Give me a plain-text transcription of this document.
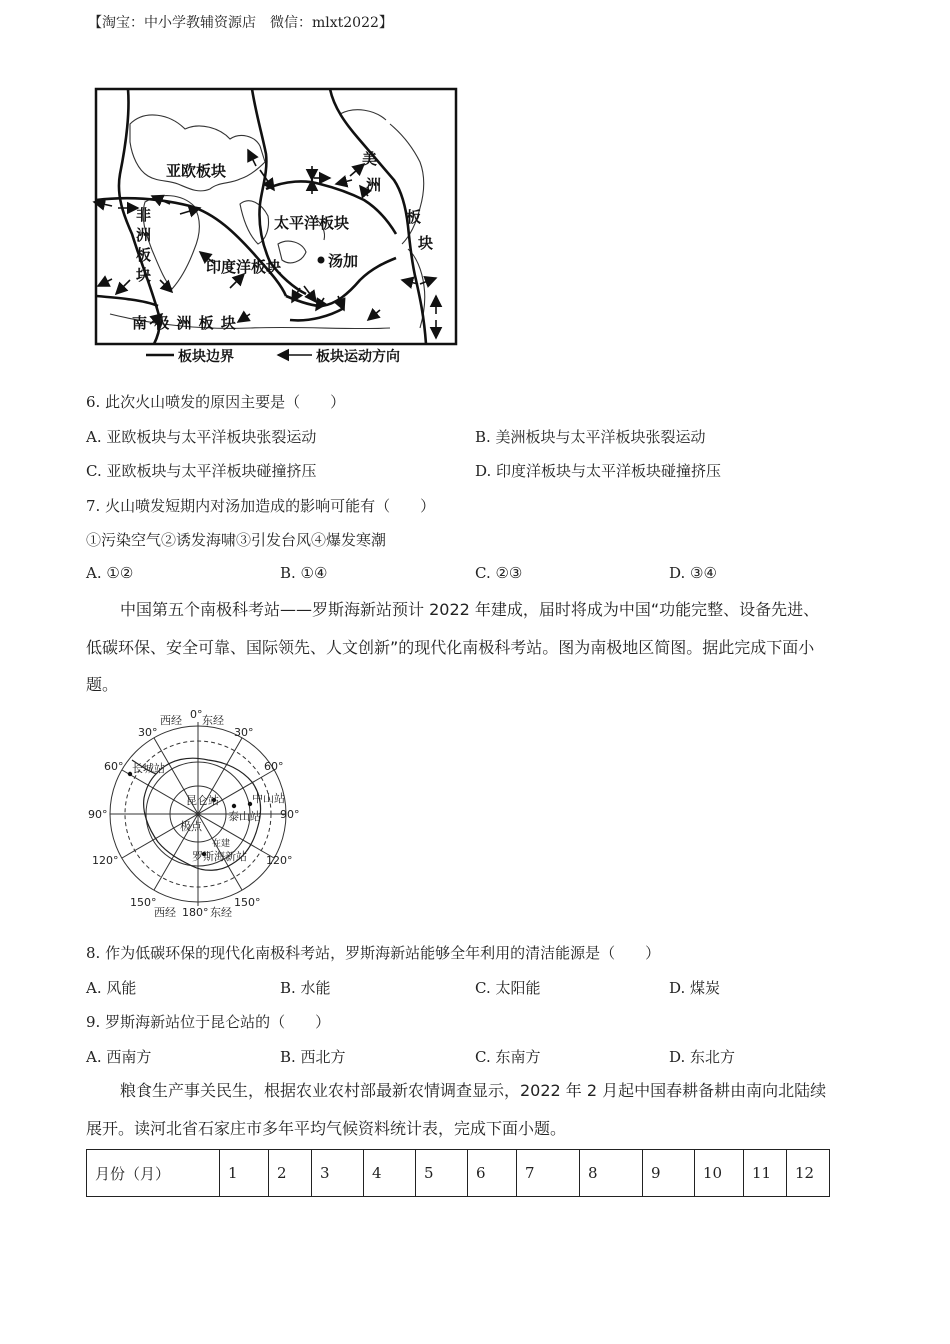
【淘宝：中小学教辅资源店　微信：mlxt2022】
亚欧板块
太平洋板块
印度洋板块	汤加
南 极 洲 板 块
非
洲
板
块
美
洲
板
块
板块边界	板块运动方向
6. 此次火山喷发的原因主要是（　　）
A. 亚欧板块与太平洋板块张裂运动	B. 美洲板块与太平洋板块张裂运动
C. 亚欧板块与太平洋板块碰撞挤压	D. 印度洋板块与太平洋板块碰撞挤压
7. 火山喷发短期内对汤加造成的影响可能有（　　）
①污染空气②诱发海啸③引发台风④爆发寒潮
A. ①②	B. ①④	C. ②③	D. ③④
中国第五个南极科考站——罗斯海新站预计 2022 年建成，届时将成为中国“功能完整、设备先进、
低碳环保、安全可靠、国际领先、人文创新”的现代化南极科考站。图为南极地区简图。据此完成下面小
题。
西经 0° 东经
西经 180° 东经
30°
60°
90°
120°
150°
30°
60°
90°
120°
150°
长城站
昆仑站	中山站
泰山站
极点
在建
罗斯海新站
8. 作为低碳环保的现代化南极科考站，罗斯海新站能够全年利用的清洁能源是（　　）
A. 风能	B. 水能	C. 太阳能	D. 煤炭
9. 罗斯海新站位于昆仑站的（　　）
A. 西南方	B. 西北方	C. 东南方	D. 东北方
粮食生产事关民生，根据农业农村部最新农情调查显示，2022 年 2 月起中国春耕备耕由南向北陆续
展开。读河北省石家庄市多年平均气候资料统计表，完成下面小题。
月份（月）	1	2	3	4	5	6	7	8	9	10	11	12
